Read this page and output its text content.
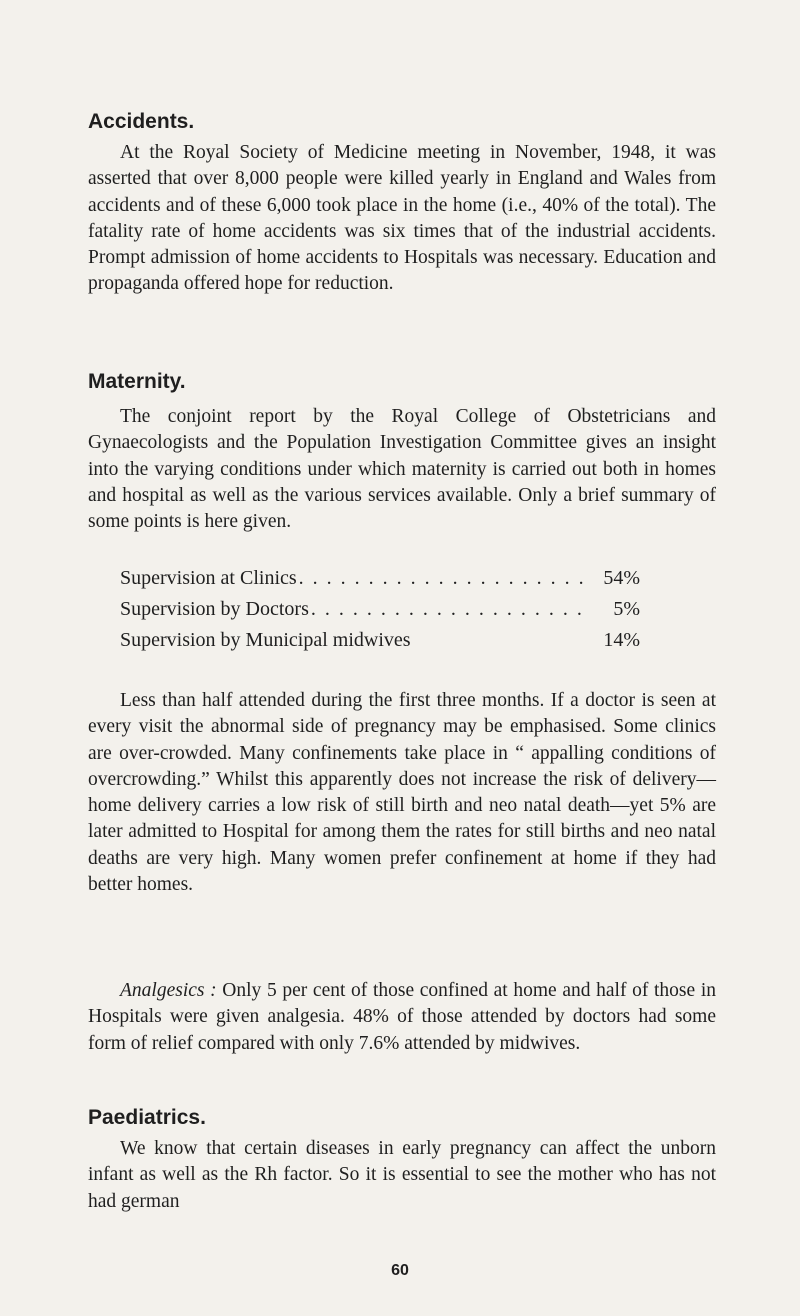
Accidents.

At the Royal Society of Medicine meeting in November, 1948, it was asserted that over 8,000 people were killed yearly in England and Wales from accidents and of these 6,000 took place in the home (i.e., 40% of the total). The fatality rate of home accidents was six times that of the industrial accidents. Prompt admission of home accidents to Hospitals was necessary. Education and propaganda offered hope for reduction.

Maternity.

The conjoint report by the Royal College of Obstetricians and Gynaecologists and the Population Investigation Committee gives an insight into the varying conditions under which maternity is carried out both in homes and hospital as well as the various services available. Only a brief summary of some points is here given.

Supervision at Clinics . . .	54%
Supervision by Doctors . . .	5%
Supervision by Municipal midwives	14%

Less than half attended during the first three months. If a doctor is seen at every visit the abnormal side of pregnancy may be emphasised. Some clinics are over-crowded. Many confinements take place in “ appalling conditions of overcrowding.” Whilst this apparently does not increase the risk of delivery—home delivery carries a low risk of still birth and neo natal death—yet 5% are later admitted to Hospital for among them the rates for still births and neo natal deaths are very high. Many women prefer confinement at home if they had better homes.

Analgesics : Only 5 per cent of those confined at home and half of those in Hospitals were given analgesia. 48% of those attended by doctors had some form of relief compared with only 7.6% attended by midwives.

Paediatrics.

We know that certain diseases in early pregnancy can affect the unborn infant as well as the Rh factor. So it is essential to see the mother who has not had german

60
